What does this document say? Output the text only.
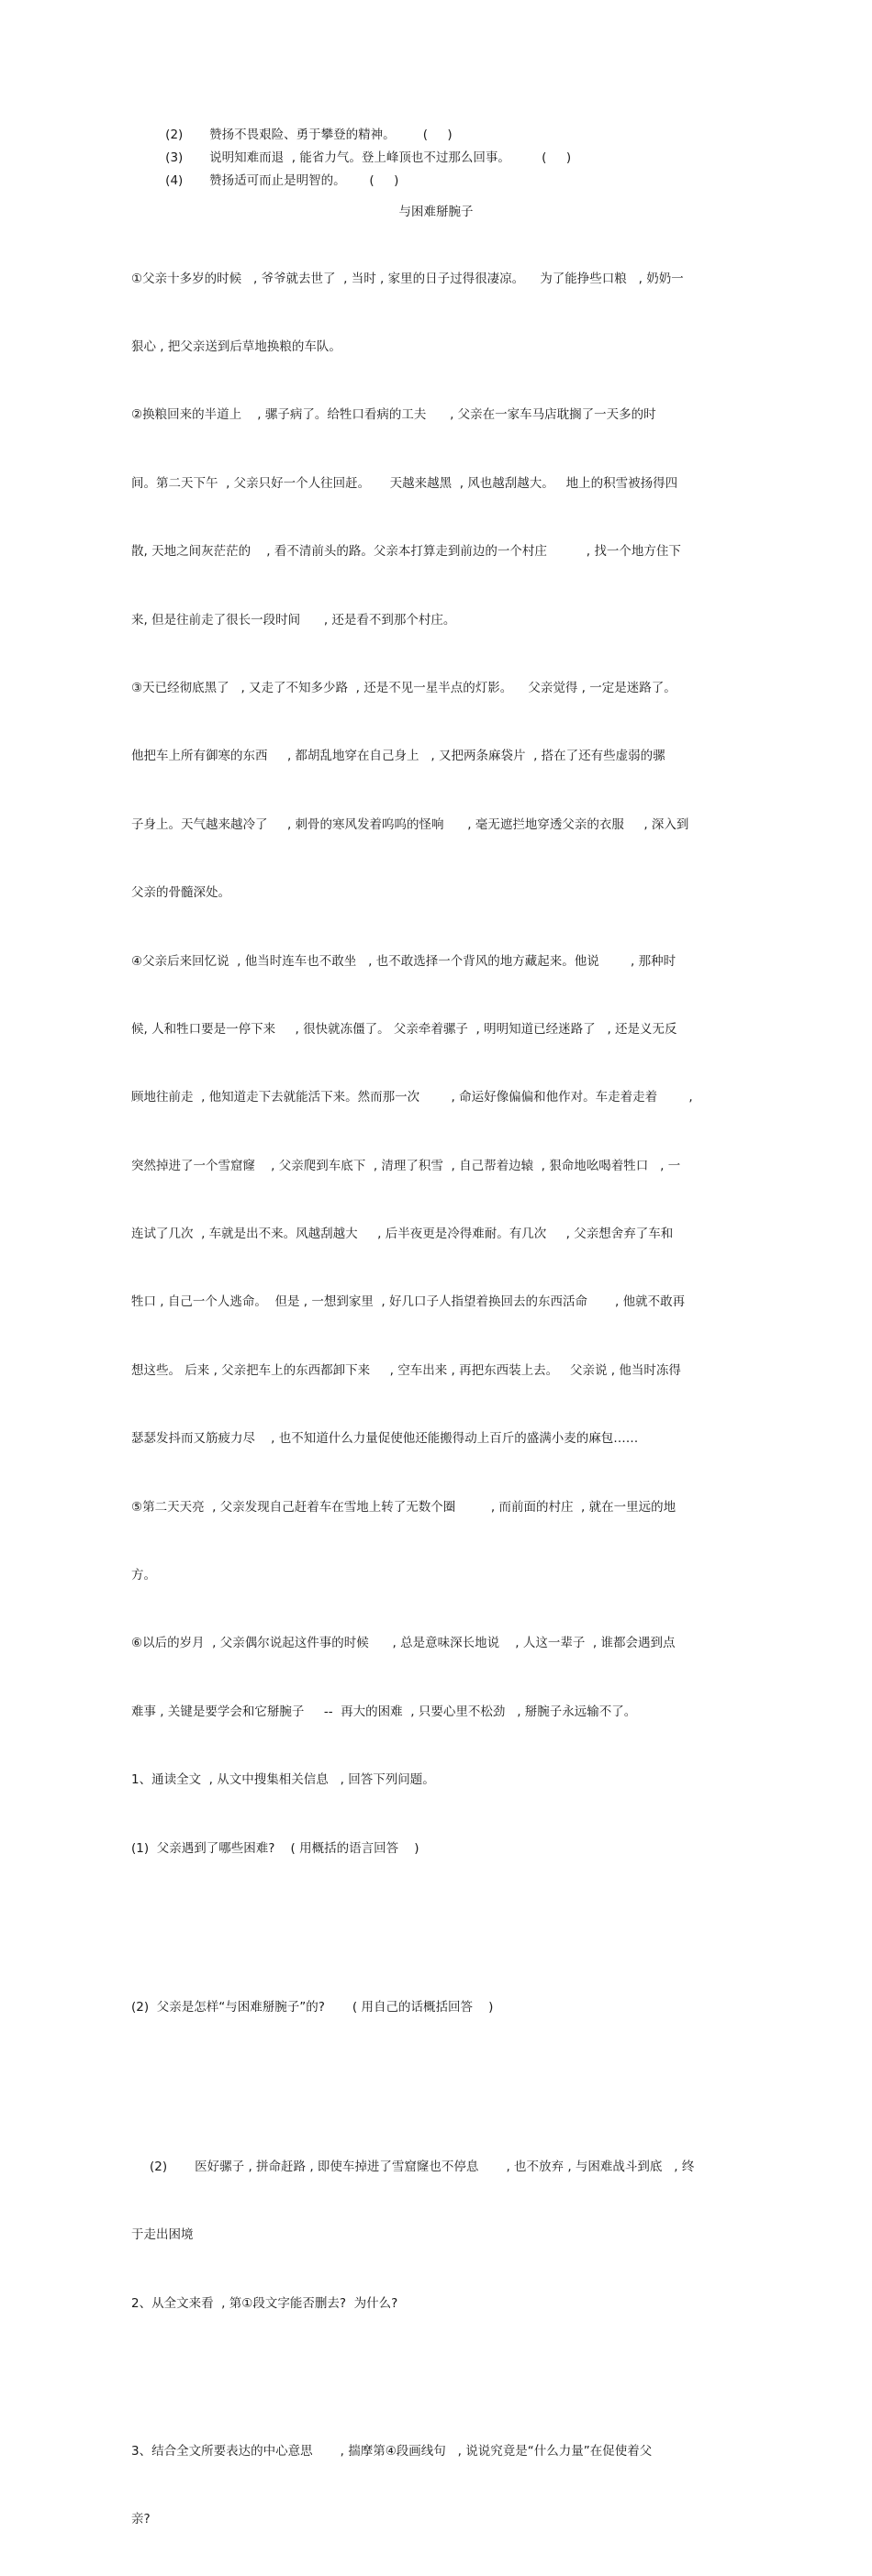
(2) 赞扬不畏艰险、勇于攀登的精神。       (     )

(3) 说明知难而退  , 能省力气。登上峰顶也不过那么回事。        (     )

(4) 赞扬适可而止是明智的。      (     )

与困难掰腕子

①父亲十多岁的时候   , 爷爷就去世了  , 当时 , 家里的日子过得很凄凉。    为了能挣些口粮   , 奶奶一

狠心 , 把父亲送到后草地换粮的车队。

②换粮回来的半道上    , 骡子病了。给牲口看病的工夫      , 父亲在一家车马店耽搁了一天多的时

间。第二天下午  , 父亲只好一个人往回赶。     天越来越黑  , 风也越刮越大。   地上的积雪被扬得四

散, 天地之间灰茫茫的    , 看不清前头的路。父亲本打算走到前边的一个村庄          , 找一个地方住下

来, 但是往前走了很长一段时间      , 还是看不到那个村庄。

③天已经彻底黑了   , 又走了不知多少路  , 还是不见一星半点的灯影。    父亲觉得 , 一定是迷路了。

他把车上所有御寒的东西     , 都胡乱地穿在自己身上   , 又把两条麻袋片  , 搭在了还有些虚弱的骡

子身上。天气越来越冷了     , 刺骨的寒风发着呜呜的怪响      , 毫无遮拦地穿透父亲的衣服     , 深入到

父亲的骨髓深处。

④父亲后来回忆说  , 他当时连车也不敢坐   , 也不敢选择一个背风的地方藏起来。他说        , 那种时

候, 人和牲口要是一停下来     , 很快就冻僵了。 父亲牵着骡子  , 明明知道已经迷路了   , 还是义无反

顾地往前走  , 他知道走下去就能活下来。然而那一次        , 命运好像偏偏和他作对。车走着走着        ,

突然掉进了一个雪窟窿    , 父亲爬到车底下  , 清理了积雪  , 自己帮着边辕  , 狠命地吆喝着牲口   , 一

连试了几次  , 车就是出不来。风越刮越大     , 后半夜更是冷得难耐。有几次     , 父亲想舍弃了车和

牲口 , 自己一个人逃命。  但是 , 一想到家里  , 好几口子人指望着换回去的东西活命       , 他就不敢再

想这些。 后来 , 父亲把车上的东西都卸下来     , 空车出来 , 再把东西装上去。   父亲说 , 他当时冻得

瑟瑟发抖而又筋疲力尽    , 也不知道什么力量促使他还能搬得动上百斤的盛满小麦的麻包……

⑤第二天天亮  , 父亲发现自己赶着车在雪地上转了无数个圈         , 而前面的村庄  , 就在一里远的地

方。

⑥以后的岁月  , 父亲偶尔说起这件事的时候      , 总是意味深长地说    , 人这一辈子  , 谁都会遇到点

难事 , 关键是要学会和它掰腕子     --  再大的困难  , 只要心里不松劲   , 掰腕子永远输不了。

1、通读全文  , 从文中搜集相关信息   , 回答下列问题。

(1)  父亲遇到了哪些困难?    ( 用概括的语言回答    )

(2)  父亲是怎样“与困难掰腕子”的?       ( 用自己的话概括回答    )

(2)       医好骡子 , 拼命赶路 , 即使车掉进了雪窟窿也不停息       , 也不放弃 , 与困难战斗到底   , 终

于走出困境

2、从全文来看  , 第①段文字能否删去?  为什么?

3、结合全文所要表达的中心意思       , 揣摩第④段画线句   , 说说究竟是“什么力量”在促使着父

亲?
